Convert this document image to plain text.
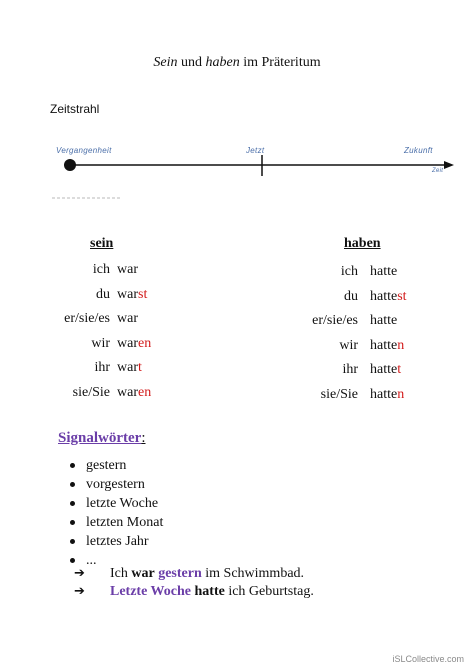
Sein und haben im Präteritum
Zeitstrahl
Vergangenheit	Jetzt	Zukunft
Zeit
sein
ich war
du warst
er/sie/es war
wir waren
ihr wart
sie/Sie waren
haben
ich hatte
du hattest
er/sie/es hatte
wir hatten
ihr hattet
sie/Sie hatten
Signalwörter:
gestern
vorgestern
letzte Woche
letzten Monat
letztes Jahr
...
➔ Ich war gestern im Schwimmbad.
➔ Letzte Woche hatte ich Geburtstag.
iSLCollective.com
